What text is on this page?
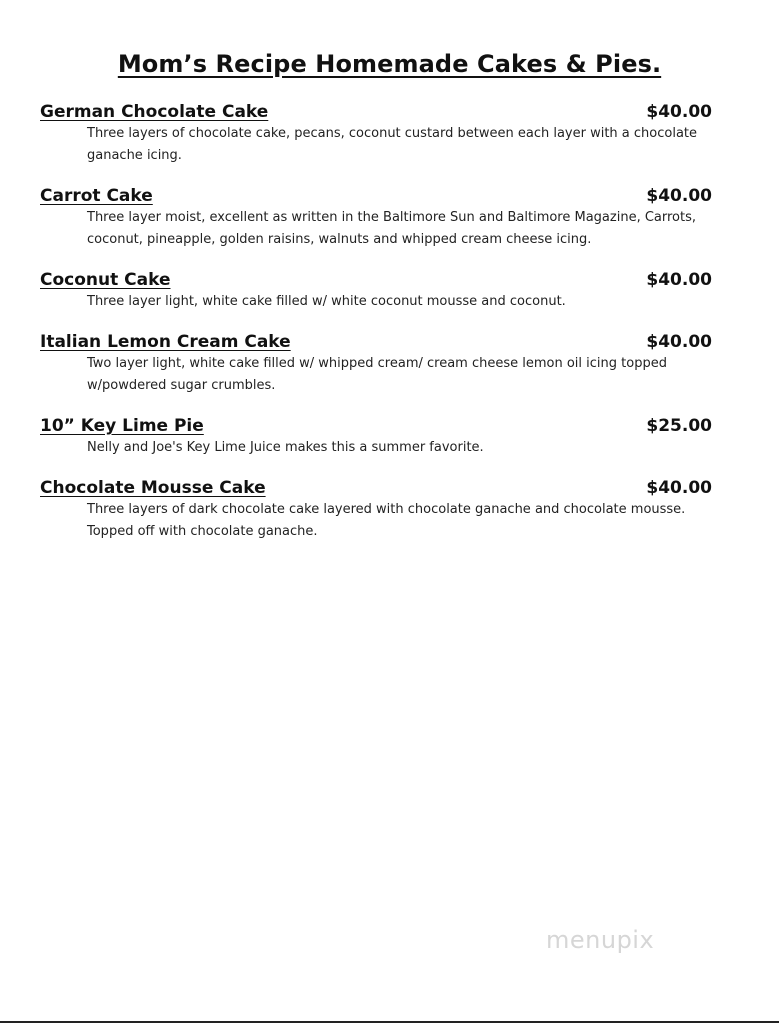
Mom’s Recipe Homemade Cakes & Pies.
German Chocolate Cake	$40.00
Three layers of chocolate cake, pecans, coconut custard between each layer with a chocolate ganache icing.
Carrot Cake	$40.00
Three layer moist, excellent as written in the Baltimore Sun and Baltimore Magazine, Carrots, coconut, pineapple, golden raisins, walnuts and whipped cream cheese icing.
Coconut Cake	$40.00
Three layer light, white cake filled w/ white coconut mousse and coconut.
Italian Lemon Cream Cake	$40.00
Two layer light, white cake filled w/ whipped cream/ cream cheese lemon oil icing topped w/powdered sugar crumbles.
10” Key Lime Pie	$25.00
Nelly and Joe's Key Lime Juice makes this a summer favorite.
Chocolate Mousse Cake	$40.00
Three layers of dark chocolate cake layered with chocolate ganache and chocolate mousse. Topped off with chocolate ganache.
menupix
